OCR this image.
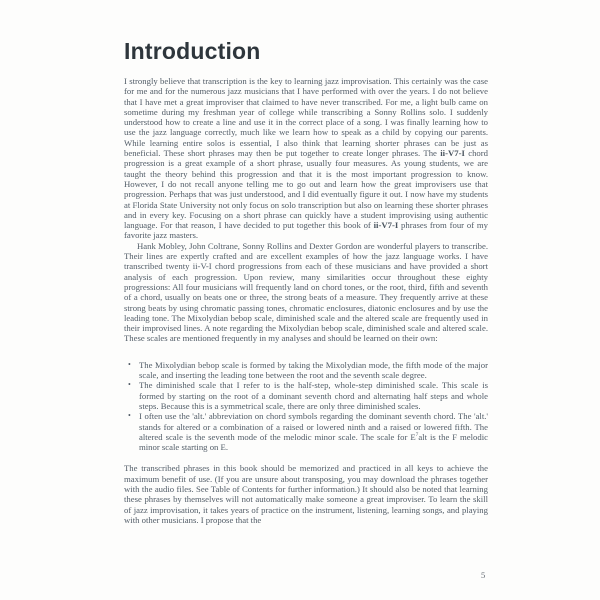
Introduction

I strongly believe that transcription is the key to learning jazz improvisation. This certainly was the case for me and for the numerous jazz musicians that I have performed with over the years. I do not believe that I have met a great improviser that claimed to have never transcribed. For me, a light bulb came on sometime during my freshman year of college while transcribing a Sonny Rollins solo. I suddenly understood how to create a line and use it in the correct place of a song. I was finally learning how to use the jazz language correctly, much like we learn how to speak as a child by copying our parents. While learning entire solos is essential, I also think that learning shorter phrases can be just as beneficial. These short phrases may then be put together to create longer phrases. The ii-V7-I chord progression is a great example of a short phrase, usually four measures. As young students, we are taught the theory behind this progression and that it is the most important progression to know. However, I do not recall anyone telling me to go out and learn how the great improvisers use that progression. Perhaps that was just understood, and I did eventually figure it out. I now have my students at Florida State University not only focus on solo transcription but also on learning these shorter phrases and in every key. Focusing on a short phrase can quickly have a student improvising using authentic language. For that reason, I have decided to put together this book of ii-V7-I phrases from four of my favorite jazz masters.

Hank Mobley, John Coltrane, Sonny Rollins and Dexter Gordon are wonderful players to transcribe. Their lines are expertly crafted and are excellent examples of how the jazz language works. I have transcribed twenty ii-V-I chord progressions from each of these musicians and have provided a short analysis of each progression. Upon review, many similarities occur throughout these eighty progressions: All four musicians will frequently land on chord tones, or the root, third, fifth and seventh of a chord, usually on beats one or three, the strong beats of a measure. They frequently arrive at these strong beats by using chromatic passing tones, chromatic enclosures, diatonic enclosures and by use the leading tone. The Mixolydian bebop scale, diminished scale and the altered scale are frequently used in their improvised lines. A note regarding the Mixolydian bebop scale, diminished scale and altered scale. These scales are mentioned frequently in my analyses and should be learned on their own:

• The Mixolydian bebop scale is formed by taking the Mixolydian mode, the fifth mode of the major scale, and inserting the leading tone between the root and the seventh scale degree.
• The diminished scale that I refer to is the half-step, whole-step diminished scale. This scale is formed by starting on the root of a dominant seventh chord and alternating half steps and whole steps. Because this is a symmetrical scale, there are only three diminished scales.
• I often use the 'alt.' abbreviation on chord symbols regarding the dominant seventh chord. The 'alt.' stands for altered or a combination of a raised or lowered ninth and a raised or lowered fifth. The altered scale is the seventh mode of the melodic minor scale. The scale for $E^7alt$ is the F melodic minor scale starting on E.

The transcribed phrases in this book should be memorized and practiced in all keys to achieve the maximum benefit of use. (If you are unsure about transposing, you may download the phrases together with the audio files. See Table of Contents for further information.) It should also be noted that learning these phrases by themselves will not automatically make someone a great improviser. To learn the skill of jazz improvisation, it takes years of practice on the instrument, listening, learning songs, and playing with other musicians. I propose that the

5
